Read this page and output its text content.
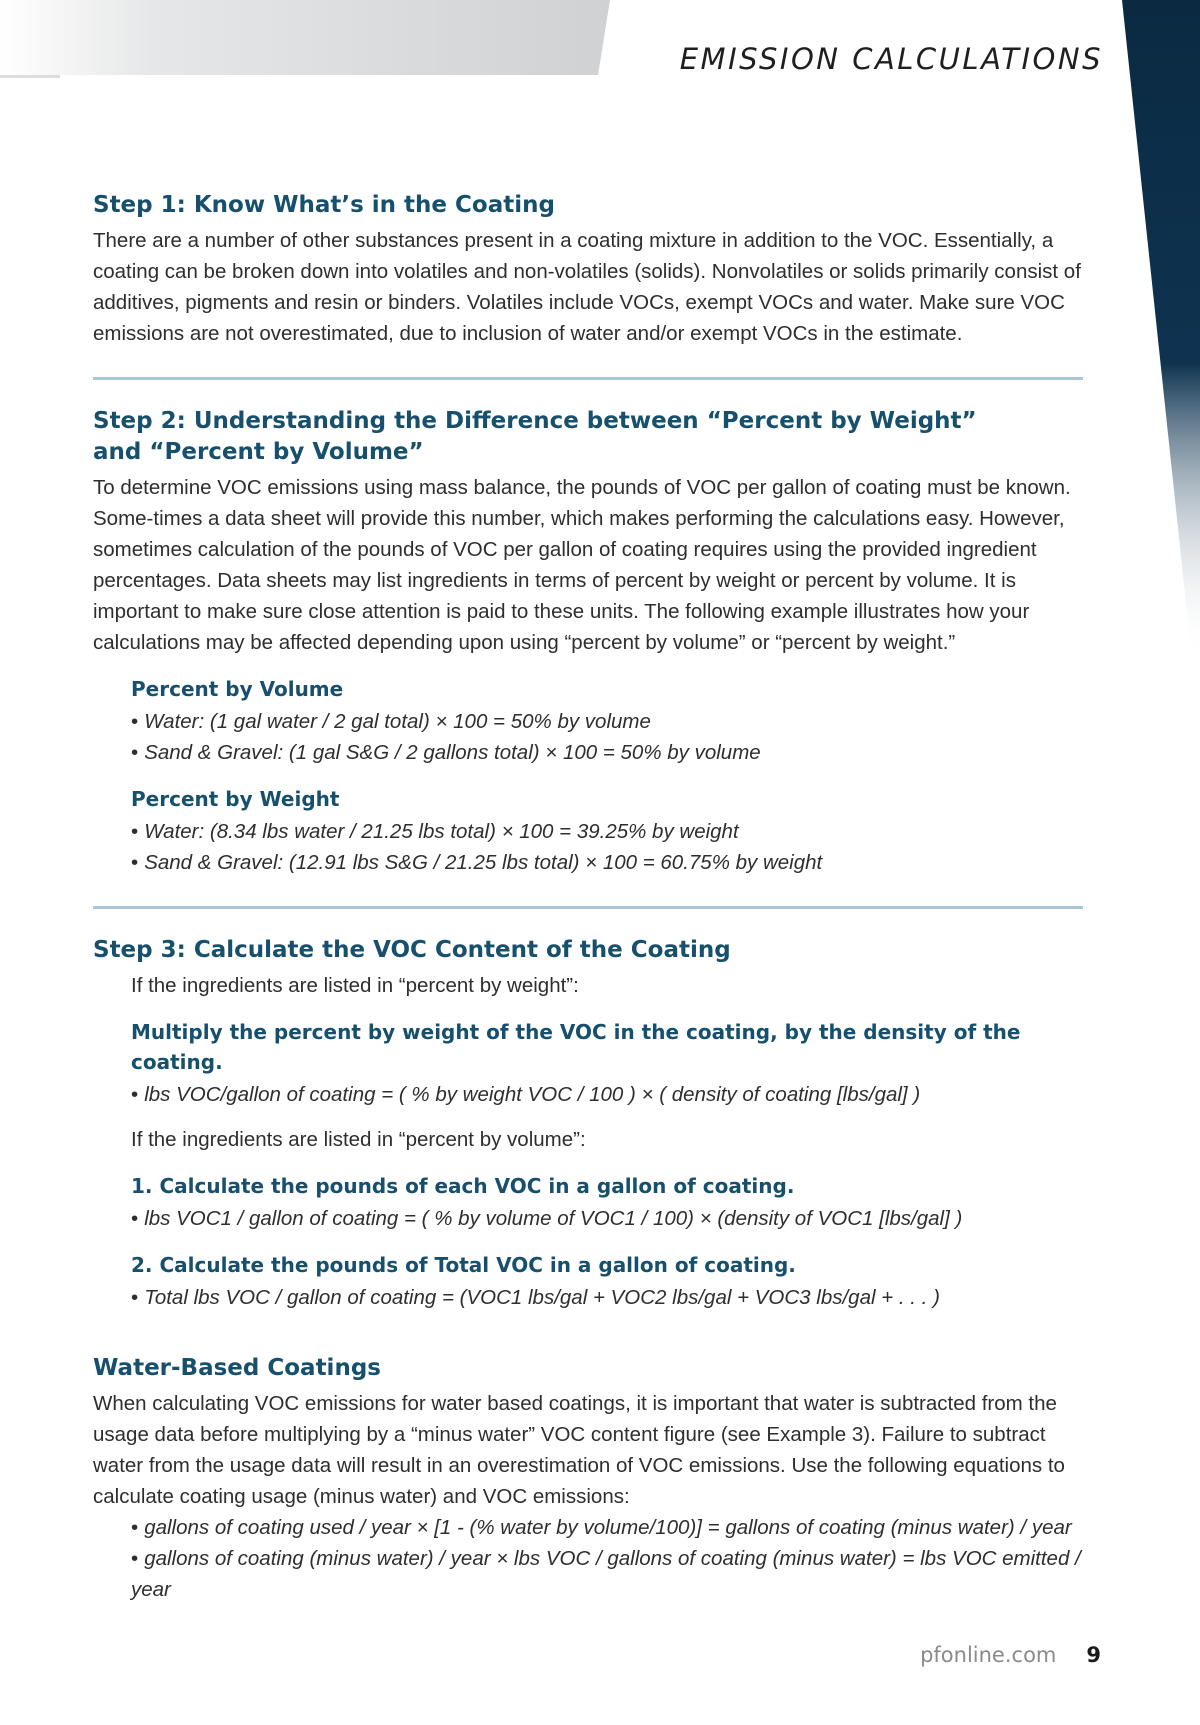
EMISSION CALCULATIONS
Step 1: Know What’s in the Coating

There are a number of other substances present in a coating mixture in addition to the VOC. Essentially, a coating can be broken down into volatiles and non-volatiles (solids). Nonvolatiles or solids primarily consist of additives, pigments and resin or binders. Volatiles include VOCs, exempt VOCs and water. Make sure VOC emissions are not overestimated, due to inclusion of water and/or exempt VOCs in the estimate.

Step 2: Understanding the Difference between “Percent by Weight”
and “Percent by Volume”

To determine VOC emissions using mass balance, the pounds of VOC per gallon of coating must be known. Some-times a data sheet will provide this number, which makes performing the calculations easy. However, sometimes calculation of the pounds of VOC per gallon of coating requires using the provided ingredient percentages. Data sheets may list ingredients in terms of percent by weight or percent by volume. It is important to make sure close attention is paid to these units. The following example illustrates how your calculations may be affected depending upon using “percent by volume” or “percent by weight.”

Percent by Volume
• Water: (1 gal water / 2 gal total) × 100 = 50% by volume
• Sand & Gravel: (1 gal S&G / 2 gallons total) × 100 = 50% by volume
Percent by Weight
• Water: (8.34 lbs water / 21.25 lbs total) × 100 = 39.25% by weight
• Sand & Gravel: (12.91 lbs S&G / 21.25 lbs total) × 100 = 60.75% by weight
Step 3: Calculate the VOC Content of the Coating

If the ingredients are listed in “percent by weight”:

Multiply the percent by weight of the VOC in the coating, by the density of the coating.
• lbs VOC/gallon of coating = ( % by weight VOC / 100 ) × ( density of coating [lbs/gal] )

If the ingredients are listed in “percent by volume”:

1. Calculate the pounds of each VOC in a gallon of coating.
• lbs VOC1 / gallon of coating = ( % by volume of VOC1 / 100) × (density of VOC1 [lbs/gal] )
2. Calculate the pounds of Total VOC in a gallon of coating.
• Total lbs VOC / gallon of coating = (VOC1 lbs/gal + VOC2 lbs/gal + VOC3 lbs/gal + . . . )
Water-Based Coatings

When calculating VOC emissions for water based coatings, it is important that water is subtracted from the usage data before multiplying by a “minus water” VOC content figure (see Example 3). Failure to subtract water from the usage data will result in an overestimation of VOC emissions. Use the following equations to calculate coating usage (minus water) and VOC emissions:

• gallons of coating used / year × [1 - (% water by volume/100)] = gallons of coating (minus water) / year
• gallons of coating (minus water) / year × lbs VOC / gallons of coating (minus water) = lbs VOC emitted / year
pfonline.com 9
